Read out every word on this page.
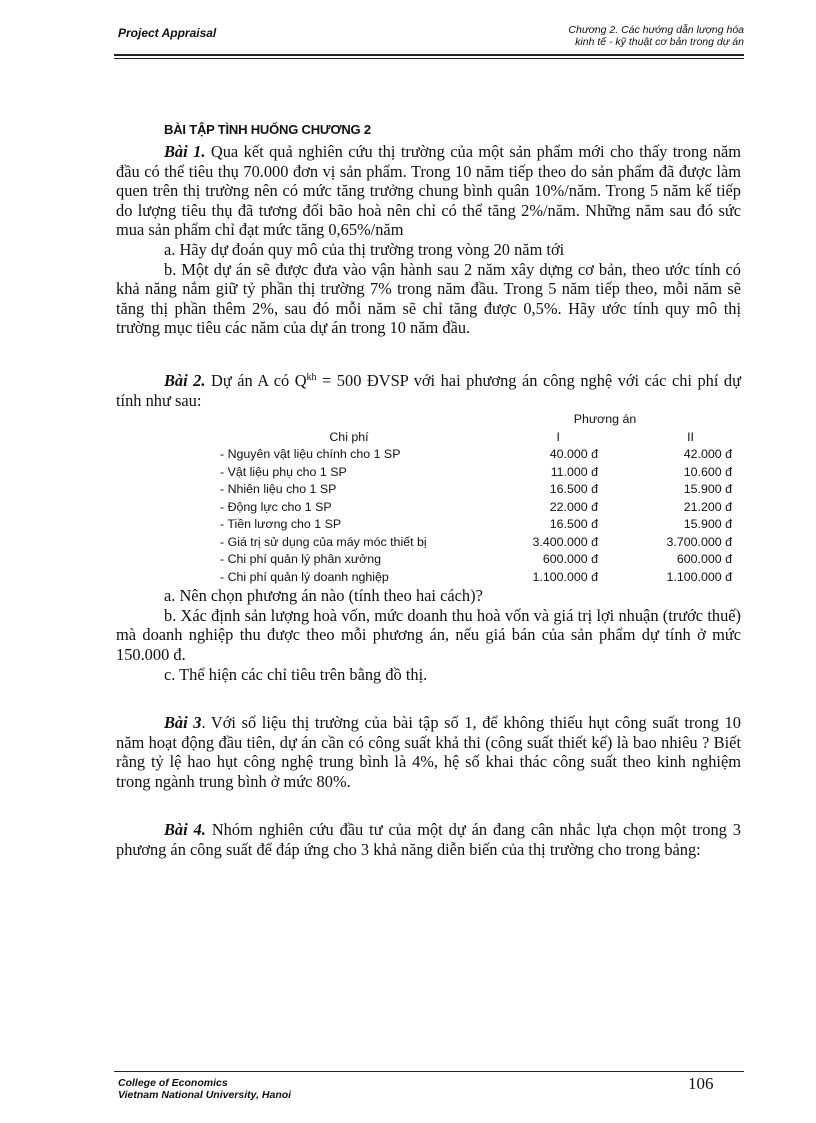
Project Appraisal	Chương 2. Các hướng dẫn lượng hóa
kinh tế - kỹ thuật cơ bản trong dự án
BÀI TẬP TÌNH HUỐNG CHƯƠNG 2

Bài 1. Qua kết quả nghiên cứu thị trường của một sản phẩm mới cho thấy trong năm đầu có thể tiêu thụ 70.000 đơn vị sản phẩm. Trong 10 năm tiếp theo do sản phẩm đã được làm quen trên thị trường nên có mức tăng trưởng chung bình quân 10%/năm. Trong 5 năm kế tiếp do lượng tiêu thụ đã tương đối bão hoà nên chỉ có thể tăng 2%/năm. Những năm sau đó sức mua sản phẩm chỉ đạt mức tăng 0,65%/năm

a. Hãy dự đoán quy mô của thị trường trong vòng 20 năm tới

b. Một dự án sẽ được đưa vào vận hành sau 2 năm xây dựng cơ bản, theo ước tính có khả năng nắm giữ tỷ phần thị trường 7% trong năm đầu. Trong 5 năm tiếp theo, mỗi năm sẽ tăng thị phần thêm 2%, sau đó mỗi năm sẽ chỉ tăng được 0,5%. Hãy ước tính quy mô thị trường mục tiêu các năm của dự án trong 10 năm đầu.

Bài 2. Dự án A có $Q^{kh} = 500$ ĐVSP với hai phương án công nghệ với các chi phí dự tính như sau:

	Phương án	
Chi phí	I	II
- Nguyên vật liệu chính cho 1 SP	40.000 đ	42.000 đ
- Vật liệu phụ cho 1 SP	11.000 đ	10.600 đ
- Nhiên liệu cho 1 SP	16.500 đ	15.900 đ
- Động lực cho 1 SP	22.000 đ	21.200 đ
- Tiền lương cho 1 SP	16.500 đ	15.900 đ
- Giá trị sử dụng của máy móc thiết bị	3.400.000 đ	3.700.000 đ
- Chi phí quản lý phân xưởng	600.000 đ	600.000 đ
- Chi phí quản lý doanh nghiệp	1.100.000 đ	1.100.000 đ

a. Nên chọn phương án nào (tính theo hai cách)?

b. Xác định sản lượng hoà vốn, mức doanh thu hoà vốn và giá trị lợi nhuận (trước thuế) mà doanh nghiệp thu được theo mỗi phương án, nếu giá bán của sản phẩm dự tính ở mức 150.000 đ.

c. Thể hiện các chỉ tiêu trên bằng đồ thị.

Bài 3. Với số liệu thị trường của bài tập số 1, để không thiếu hụt công suất trong 10 năm hoạt động đầu tiên, dự án cần có công suất khả thi (công suất thiết kế) là bao nhiêu ? Biết rằng tỷ lệ hao hụt công nghệ trung bình là 4%, hệ số khai thác công suất theo kinh nghiệm trong ngành trung bình ở mức 80%.

Bài 4. Nhóm nghiên cứu đầu tư của một dự án đang cân nhắc lựa chọn một trong 3 phương án công suất để đáp ứng cho 3 khả năng diễn biến của thị trường cho trong bảng:

College of Economics
Vietnam National University, Hanoi
106
